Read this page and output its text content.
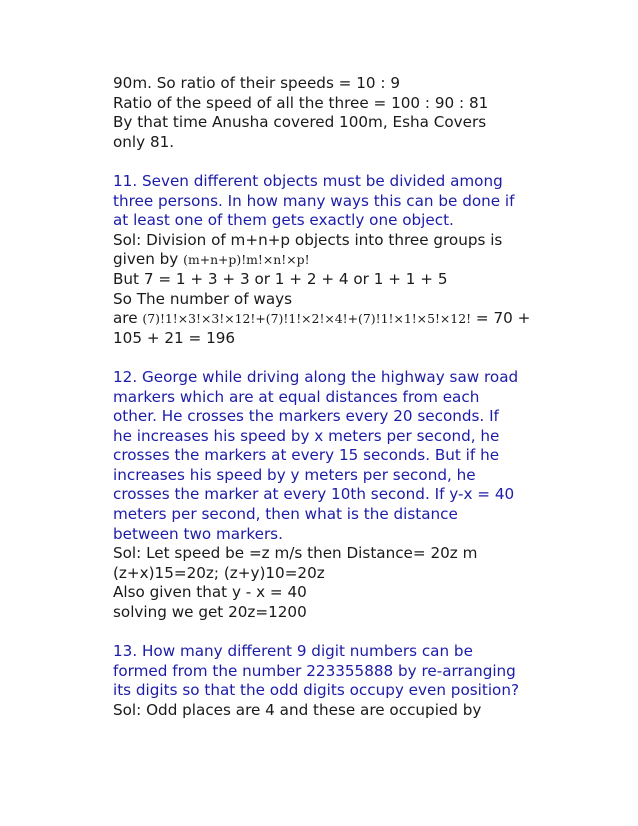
90m. So ratio of their speeds = 10 : 9
Ratio of the speed of all the three = 100 : 90 : 81
By that time Anusha covered 100m, Esha Covers
only 81.
11. Seven different objects must be divided among
three persons. In how many ways this can be done if
at least one of them gets exactly one object.
Sol: Division of m+n+p objects into three groups is
given by (m+n+p)!m!×n!×p!
But 7 = 1 + 3 + 3 or 1 + 2 + 4 or 1 + 1 + 5
So The number of ways
are (7)!1!×3!×3!×12!+(7)!1!×2!×4!+(7)!1!×1!×5!×12! = 70 +
105 + 21 = 196
12. George while driving along the highway saw road
markers which are at equal distances from each
other. He crosses the markers every 20 seconds. If
he increases his speed by x meters per second, he
crosses the markers at every 15 seconds. But if he
increases his speed by y meters per second, he
crosses the marker at every 10th second. If y-x = 40
meters per second, then what is the distance
between two markers.
Sol: Let speed be =z m/s then Distance= 20z m
(z+x)15=20z; (z+y)10=20z
Also given that y - x = 40
solving we get 20z=1200
13. How many different 9 digit numbers can be
formed from the number 223355888 by re-arranging
its digits so that the odd digits occupy even position?
Sol: Odd places are 4 and these are occupied by
